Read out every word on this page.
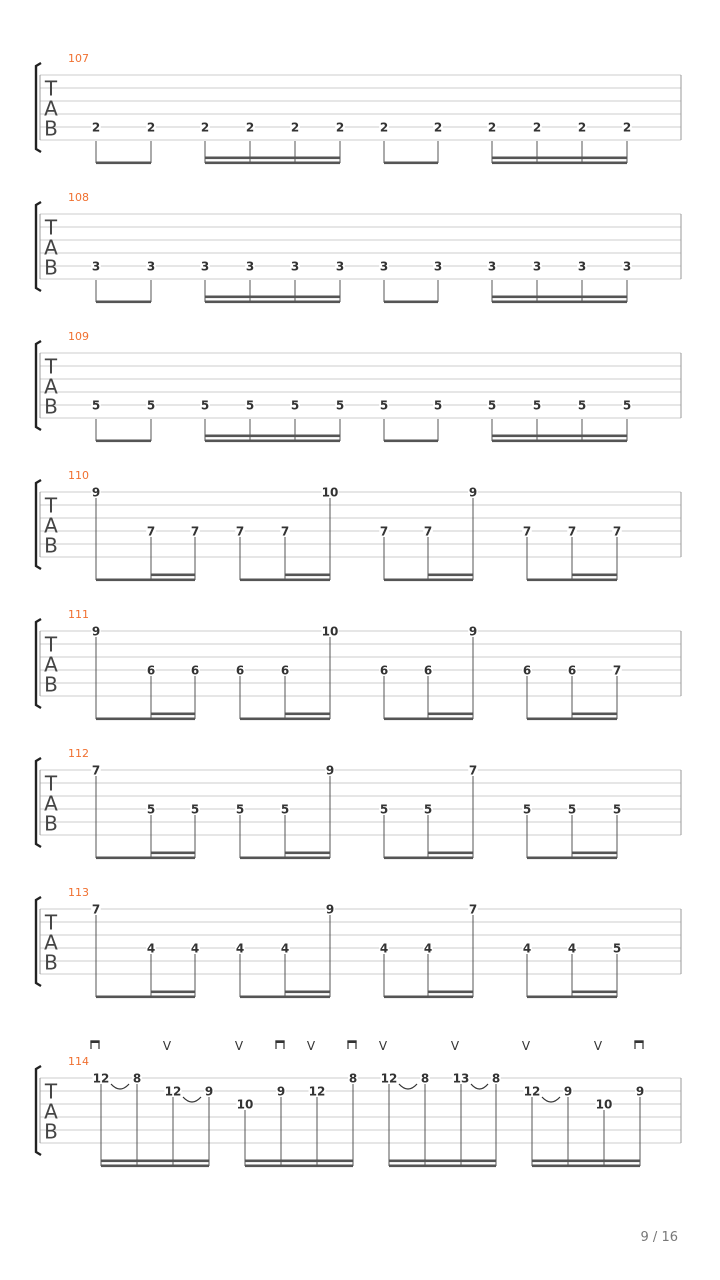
T
A
B
107
2	2	2	2	2	2	2	2	2	2	2	2
T
A
B
108
3	3	3	3	3	3	3	3	3	3	3	3
T
A
B
109
5	5	5	5	5	5	5	5	5	5	5	5
T
A
B
110
9
7	7	7	7
10
7	7
9
7	7	7
T
A
B
111
9
6	6	6	6
10
6	6
9
6	6	7
T
A
B
112
7
5	5	5	5
9
5	5
7
5	5	5
T
A
B
113
7
4	4	4	4
9
4	4
7
4	4	5
T
A
B
114
12 8
12 9
10
9 12
8 12 8 13 8
12 9
10
9
V	V	V	V	V	V	V
9 / 16
